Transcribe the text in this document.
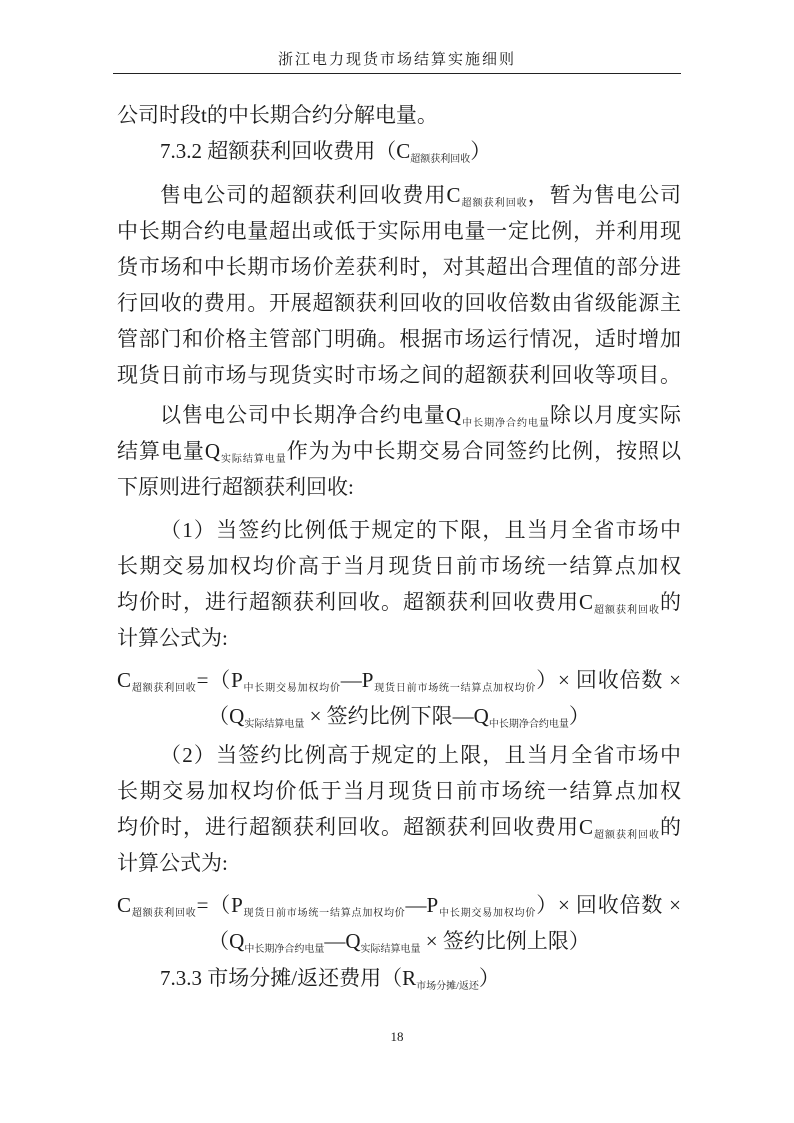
浙江电力现货市场结算实施细则
公司时段t的中长期合约分解电量。
7.3.2 超额获利回收费用$(C_{超额获利回收})$
售电公司的超额获利回收费用$C_{超额获利回收}$，暂为售电公司
中长期合约电量超出或低于实际用电量一定比例，并利用现
货市场和中长期市场价差获利时，对其超出合理值的部分进
行回收的费用。开展超额获利回收的回收倍数由省级能源主
管部门和价格主管部门明确。根据市场运行情况，适时增加
现货日前市场与现货实时市场之间的超额获利回收等项目。
以售电公司中长期净合约电量$Q_{中长期净合约电量}$除以月度实际
结算电量$Q_{实际结算电量}$作为为中长期交易合同签约比例，按照以
下原则进行超额获利回收:
（1）当签约比例低于规定的下限，且当月全省市场中
长期交易加权均价高于当月现货日前市场统一结算点加权
均价时，进行超额获利回收。超额获利回收费用$C_{超额获利回收}$的
计算公式为:
$C_{超额获利回收}=(P_{中长期交易加权均价}—P_{现货日前市场统一结算点加权均价})\times$ 回收倍数 ×
（$Q_{实际结算电量}$ × 签约比例下限$—Q_{中长期净合约电量}$）
（2）当签约比例高于规定的上限，且当月全省市场中
长期交易加权均价低于当月现货日前市场统一结算点加权
均价时，进行超额获利回收。超额获利回收费用$C_{超额获利回收}$的
计算公式为:
$C_{超额获利回收}=(P_{现货日前市场统一结算点加权均价}—P_{中长期交易加权均价})\times$ 回收倍数 ×
（$Q_{中长期净合约电量}—Q_{实际结算电量}$ × 签约比例上限）
7.3.3 市场分摊/返还费用$(R_{市场分摊/返还})$
18
